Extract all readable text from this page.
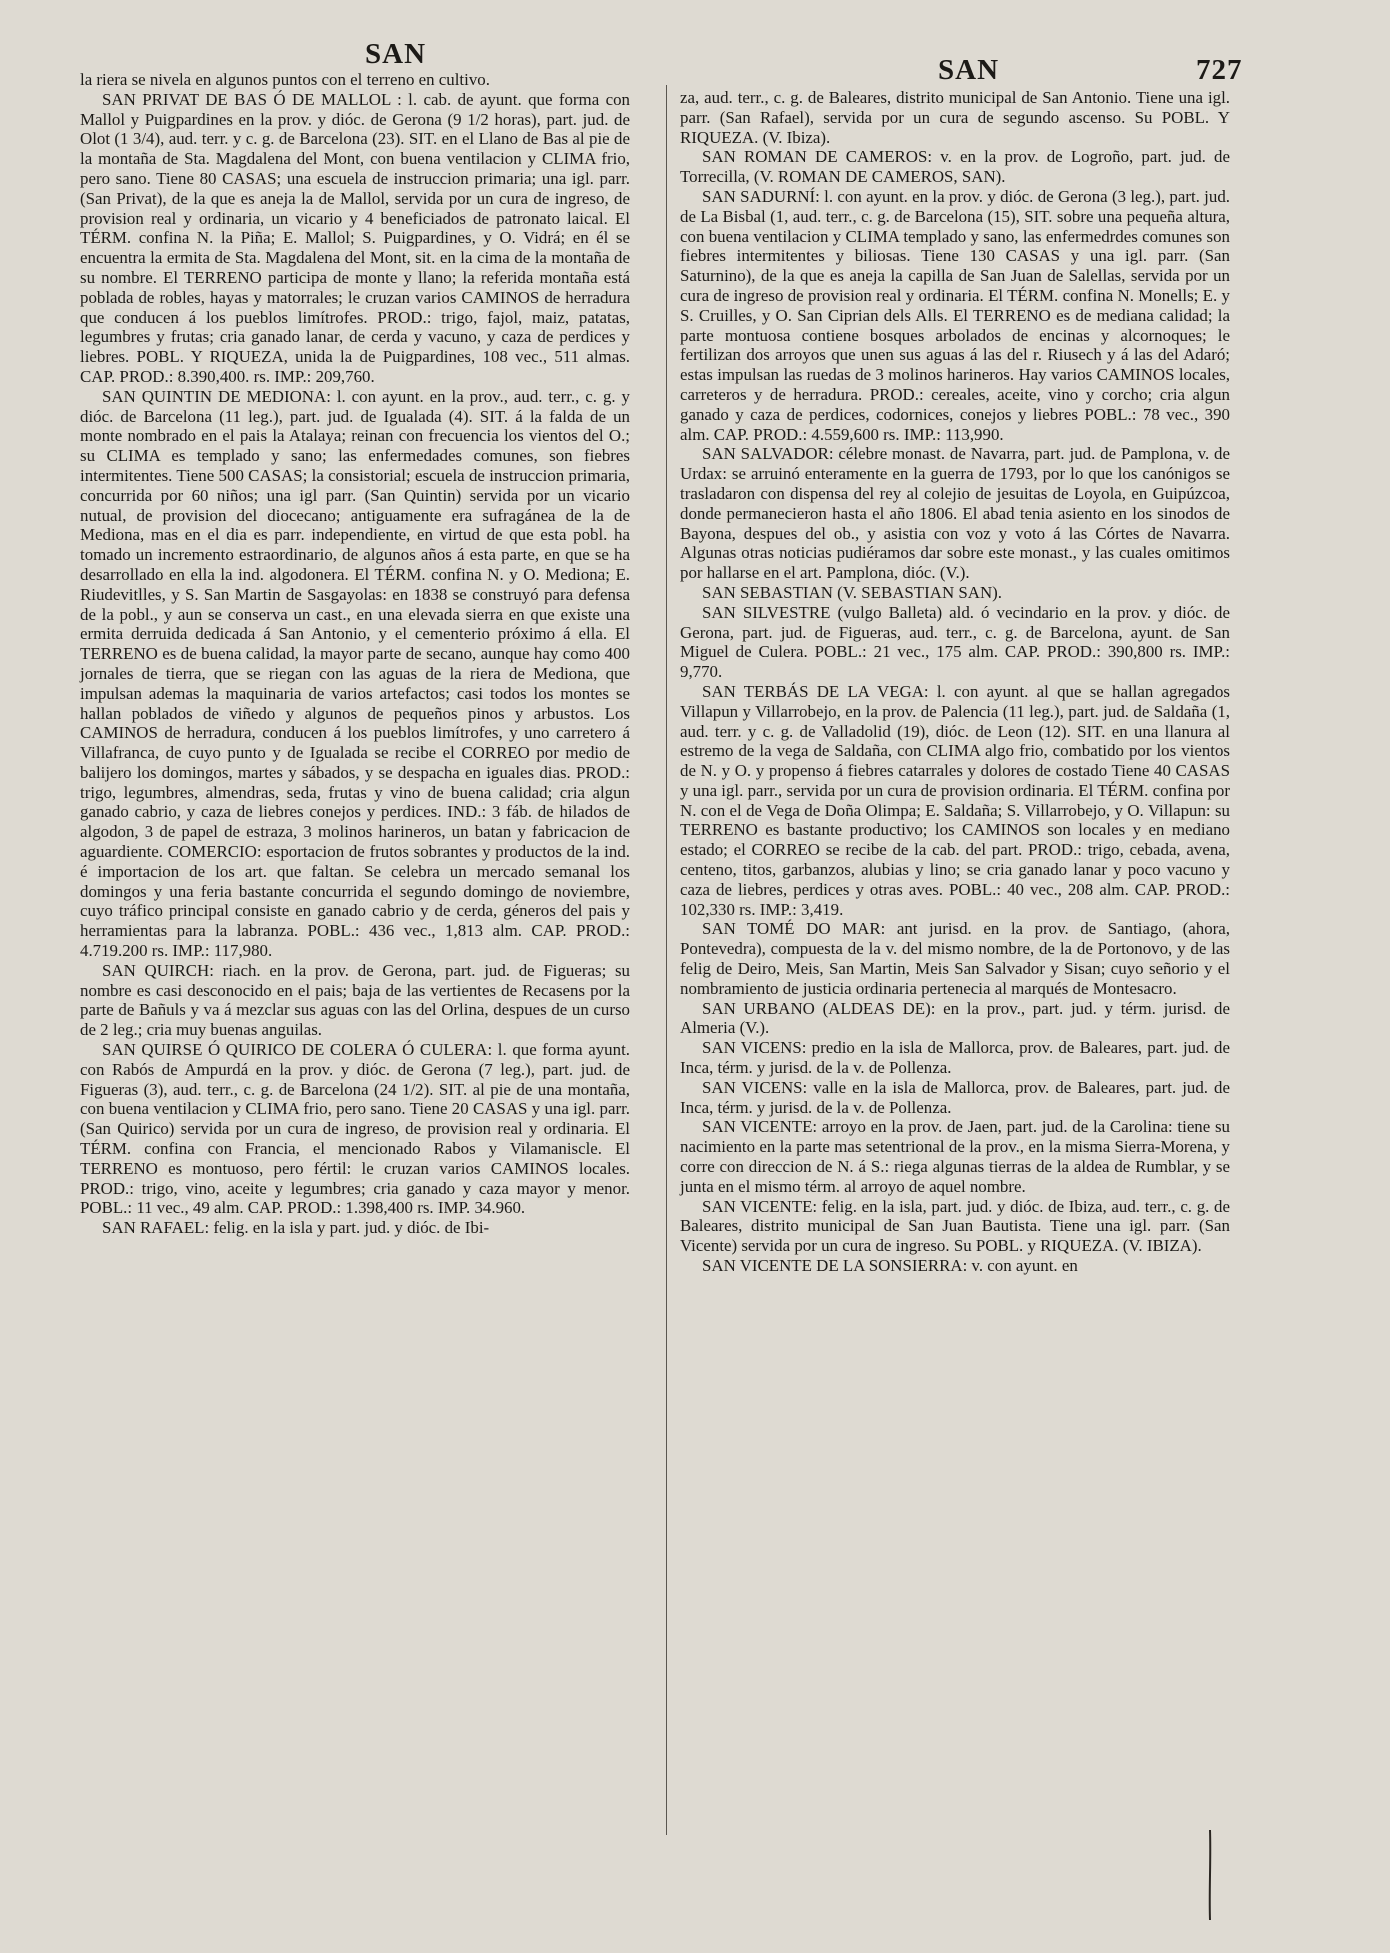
SAN	SAN	727

la riera se nivela en algunos puntos con el terreno en cultivo.

SAN PRIVAT DE BAS Ó DE MALLOL : l. cab. de ayunt. que forma con Mallol y Puigpardines en la prov. y dióc. de Gerona (9 1/2 horas), part. jud. de Olot (1 3/4), aud. terr. y c. g. de Barcelona (23). SIT. en el Llano de Bas al pie de la montaña de Sta. Magdalena del Mont, con buena ventilacion y CLIMA frio, pero sano. Tiene 80 CASAS; una escuela de instruccion primaria; una igl. parr. (San Privat), de la que es aneja la de Mallol, servida por un cura de ingreso, de provision real y ordinaria, un vicario y 4 beneficiados de patronato laical. El TÉRM. confina N. la Piña; E. Mallol; S. Puigpardines, y O. Vidrá; en él se encuentra la ermita de Sta. Magdalena del Mont, sit. en la cima de la montaña de su nombre. El TERRENO participa de monte y llano; la referida montaña está poblada de robles, hayas y matorrales; le cruzan varios CAMINOS de herradura que conducen á los pueblos limítrofes. PROD.: trigo, fajol, maiz, patatas, legumbres y frutas; cria ganado lanar, de cerda y vacuno, y caza de perdices y liebres. POBL. Y RIQUEZA, unida la de Puigpardines, 108 vec., 511 almas. CAP. PROD.: 8.390,400. rs. IMP.: 209,760.

SAN QUINTIN DE MEDIONA: l. con ayunt. en la prov., aud. terr., c. g. y dióc. de Barcelona (11 leg.), part. jud. de Igualada (4). SIT. á la falda de un monte nombrado en el pais la Atalaya; reinan con frecuencia los vientos del O.; su CLIMA es templado y sano; las enfermedades comunes, son fiebres intermitentes. Tiene 500 CASAS; la consistorial; escuela de instruccion primaria, concurrida por 60 niños; una igl parr. (San Quintin) servida por un vicario nutual, de provision del diocecano; antiguamente era sufragánea de la de Mediona, mas en el dia es parr. independiente, en virtud de que esta pobl. ha tomado un incremento estraordinario, de algunos años á esta parte, en que se ha desarrollado en ella la ind. algodonera. El TÉRM. confina N. y O. Mediona; E. Riudevitlles, y S. San Martin de Sasgayolas: en 1838 se construyó para defensa de la pobl., y aun se conserva un cast., en una elevada sierra en que existe una ermita derruida dedicada á San Antonio, y el cementerio próximo á ella. El TERRENO es de buena calidad, la mayor parte de secano, aunque hay como 400 jornales de tierra, que se riegan con las aguas de la riera de Mediona, que impulsan ademas la maquinaria de varios artefactos; casi todos los montes se hallan poblados de viñedo y algunos de pequeños pinos y arbustos. Los CAMINOS de herradura, conducen á los pueblos limítrofes, y uno carretero á Villafranca, de cuyo punto y de Igualada se recibe el CORREO por medio de balijero los domingos, martes y sábados, y se despacha en iguales dias. PROD.: trigo, legumbres, almendras, seda, frutas y vino de buena calidad; cria algun ganado cabrio, y caza de liebres conejos y perdices. IND.: 3 fáb. de hilados de algodon, 3 de papel de estraza, 3 molinos harineros, un batan y fabricacion de aguardiente. COMERCIO: esportacion de frutos sobrantes y productos de la ind. é importacion de los art. que faltan. Se celebra un mercado semanal los domingos y una feria bastante concurrida el segundo domingo de noviembre, cuyo tráfico principal consiste en ganado cabrio y de cerda, géneros del pais y herramientas para la labranza. POBL.: 436 vec., 1,813 alm. CAP. PROD.: 4.719.200 rs. IMP.: 117,980.

SAN QUIRCH: riach. en la prov. de Gerona, part. jud. de Figueras; su nombre es casi desconocido en el pais; baja de las vertientes de Recasens por la parte de Bañuls y va á mezclar sus aguas con las del Orlina, despues de un curso de 2 leg.; cria muy buenas anguilas.

SAN QUIRSE Ó QUIRICO DE COLERA Ó CULERA: l. que forma ayunt. con Rabós de Ampurdá en la prov. y dióc. de Gerona (7 leg.), part. jud. de Figueras (3), aud. terr., c. g. de Barcelona (24 1/2). SIT. al pie de una montaña, con buena ventilacion y CLIMA frio, pero sano. Tiene 20 CASAS y una igl. parr. (San Quirico) servida por un cura de ingreso, de provision real y ordinaria. El TÉRM. confina con Francia, el mencionado Rabos y Vilamaniscle. El TERRENO es montuoso, pero fértil: le cruzan varios CAMINOS locales. PROD.: trigo, vino, aceite y legumbres; cria ganado y caza mayor y menor. POBL.: 11 vec., 49 alm. CAP. PROD.: 1.398,400 rs. IMP. 34.960.

SAN RAFAEL: felig. en la isla y part. jud. y dióc. de Ibi-

za, aud. terr., c. g. de Baleares, distrito municipal de San Antonio. Tiene una igl. parr. (San Rafael), servida por un cura de segundo ascenso. Su POBL. Y RIQUEZA. (V. Ibiza).

SAN ROMAN DE CAMEROS: v. en la prov. de Logroño, part. jud. de Torrecilla, (V. ROMAN DE CAMEROS, SAN).

SAN SADURNÍ: l. con ayunt. en la prov. y dióc. de Gerona (3 leg.), part. jud. de La Bisbal (1, aud. terr., c. g. de Barcelona (15), SIT. sobre una pequeña altura, con buena ventilacion y CLIMA templado y sano, las enfermedrdes comunes son fiebres intermitentes y biliosas. Tiene 130 CASAS y una igl. parr. (San Saturnino), de la que es aneja la capilla de San Juan de Salellas, servida por un cura de ingreso de provision real y ordinaria. El TÉRM. confina N. Monells; E. y S. Cruilles, y O. San Ciprian dels Alls. El TERRENO es de mediana calidad; la parte montuosa contiene bosques arbolados de encinas y alcornoques; le fertilizan dos arroyos que unen sus aguas á las del r. Riusech y á las del Adaró; estas impulsan las ruedas de 3 molinos harineros. Hay varios CAMINOS locales, carreteros y de herradura. PROD.: cereales, aceite, vino y corcho; cria algun ganado y caza de perdices, codornices, conejos y liebres POBL.: 78 vec., 390 alm. CAP. PROD.: 4.559,600 rs. IMP.: 113,990.

SAN SALVADOR: célebre monast. de Navarra, part. jud. de Pamplona, v. de Urdax: se arruinó enteramente en la guerra de 1793, por lo que los canónigos se trasladaron con dispensa del rey al colejio de jesuitas de Loyola, en Guipúzcoa, donde permanecieron hasta el año 1806. El abad tenia asiento en los sinodos de Bayona, despues del ob., y asistia con voz y voto á las Córtes de Navarra. Algunas otras noticias pudiéramos dar sobre este monast., y las cuales omitimos por hallarse en el art. Pamplona, dióc. (V.).

SAN SEBASTIAN (V. SEBASTIAN SAN).

SAN SILVESTRE (vulgo Balleta) ald. ó vecindario en la prov. y dióc. de Gerona, part. jud. de Figueras, aud. terr., c. g. de Barcelona, ayunt. de San Miguel de Culera. POBL.: 21 vec., 175 alm. CAP. PROD.: 390,800 rs. IMP.: 9,770.

SAN TERBÁS DE LA VEGA: l. con ayunt. al que se hallan agregados Villapun y Villarrobejo, en la prov. de Palencia (11 leg.), part. jud. de Saldaña (1, aud. terr. y c. g. de Valladolid (19), dióc. de Leon (12). SIT. en una llanura al estremo de la vega de Saldaña, con CLIMA algo frio, combatido por los vientos de N. y O. y propenso á fiebres catarrales y dolores de costado Tiene 40 CASAS y una igl. parr., servida por un cura de provision ordinaria. El TÉRM. confina por N. con el de Vega de Doña Olimpa; E. Saldaña; S. Villarrobejo, y O. Villapun: su TERRENO es bastante productivo; los CAMINOS son locales y en mediano estado; el CORREO se recibe de la cab. del part. PROD.: trigo, cebada, avena, centeno, titos, garbanzos, alubias y lino; se cria ganado lanar y poco vacuno y caza de liebres, perdices y otras aves. POBL.: 40 vec., 208 alm. CAP. PROD.: 102,330 rs. IMP.: 3,419.

SAN TOMÉ DO MAR: ant jurisd. en la prov. de Santiago, (ahora, Pontevedra), compuesta de la v. del mismo nombre, de la de Portonovo, y de las felig de Deiro, Meis, San Martin, Meis San Salvador y Sisan; cuyo señorio y el nombramiento de justicia ordinaria pertenecia al marqués de Montesacro.

SAN URBANO (ALDEAS DE): en la prov., part. jud. y térm. jurisd. de Almeria (V.).

SAN VICENS: predio en la isla de Mallorca, prov. de Baleares, part. jud. de Inca, térm. y jurisd. de la v. de Pollenza.

SAN VICENS: valle en la isla de Mallorca, prov. de Baleares, part. jud. de Inca, térm. y jurisd. de la v. de Pollenza.

SAN VICENTE: arroyo en la prov. de Jaen, part. jud. de la Carolina: tiene su nacimiento en la parte mas setentrional de la prov., en la misma Sierra-Morena, y corre con direccion de N. á S.: riega algunas tierras de la aldea de Rumblar, y se junta en el mismo térm. al arroyo de aquel nombre.

SAN VICENTE: felig. en la isla, part. jud. y dióc. de Ibiza, aud. terr., c. g. de Baleares, distrito municipal de San Juan Bautista. Tiene una igl. parr. (San Vicente) servida por un cura de ingreso. Su POBL. y RIQUEZA. (V. IBIZA).

SAN VICENTE DE LA SONSIERRA: v. con ayunt. en
